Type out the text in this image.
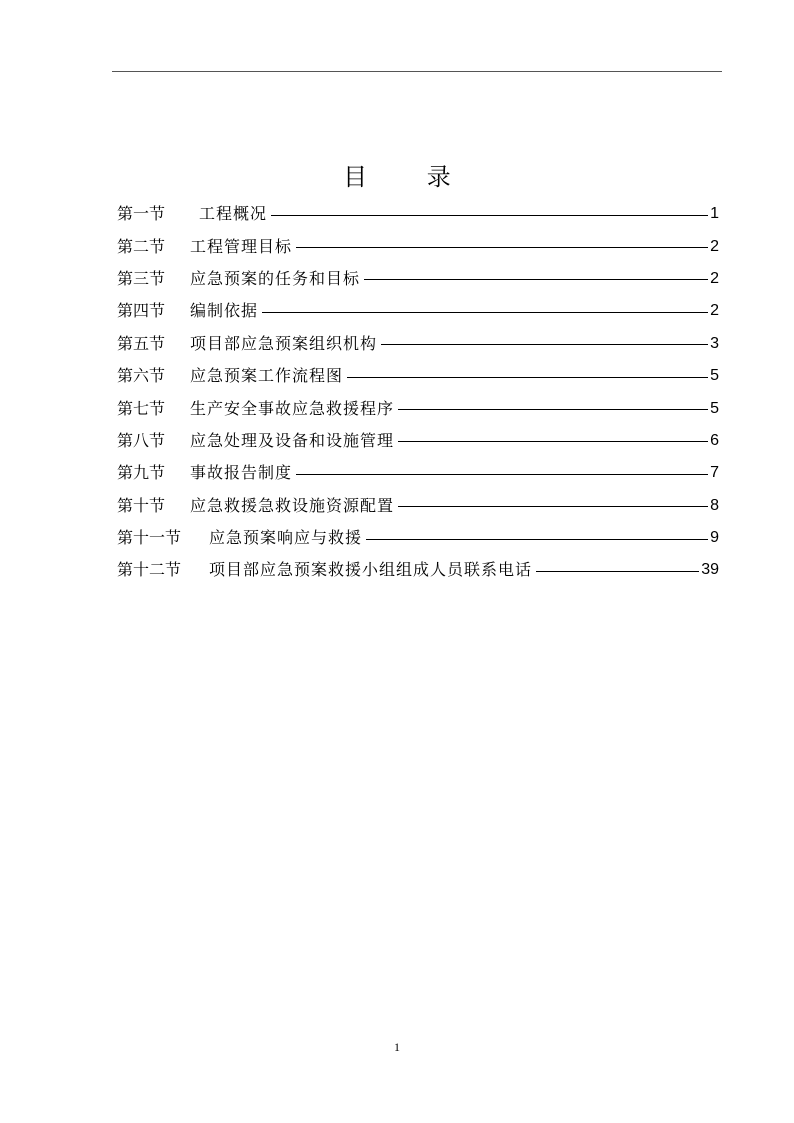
目 录
第一节	工程概况	1
第二节	工程管理目标	2
第三节	应急预案的任务和目标	2
第四节	编制依据	2
第五节	项目部应急预案组织机构	3
第六节	应急预案工作流程图	5
第七节	生产安全事故应急救援程序	5
第八节	应急处理及设备和设施管理	6
第九节	事故报告制度	7
第十节	应急救援急救设施资源配置	8
第十一节	应急预案响应与救援	9
第十二节	项目部应急预案救援小组组成人员联系电话	39
1
